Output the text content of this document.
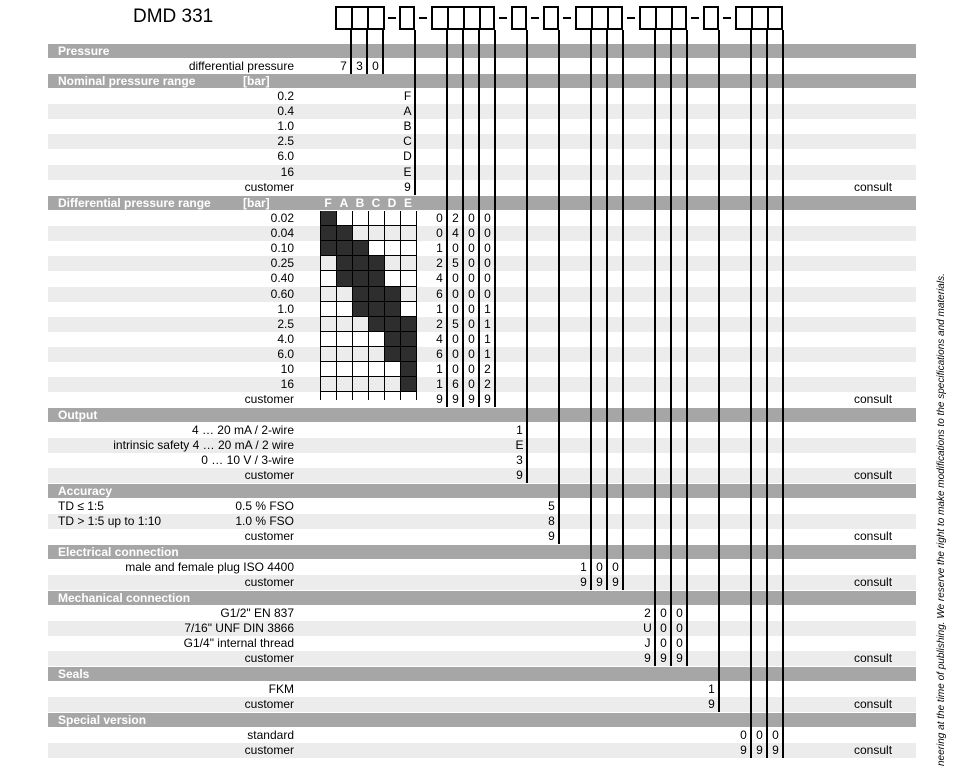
DMD 331
Pressure
differential pressure	7 3 0
Nominal pressure range	[bar]
0.2	F
0.4	A
1.0	B
2.5	C
6.0	D
16	E
customer	9	consult
Differential pressure range	[bar]	F A B C D E
0.02	0 2 0 0
0.04	0 4 0 0
0.10	1 0 0 0
0.25	2 5 0 0
0.40	4 0 0 0
0.60	6 0 0 0
1.0	1 0 0 1
2.5	2 5 0 1
4.0	4 0 0 1
6.0	6 0 0 1
10	1 0 0 2
16	1 6 0 2
customer	9 9 9 9	consult
Output
4 … 20 mA / 2-wire	1
intrinsic safety 4 … 20 mA / 2 wire	E
0 … 10 V / 3-wire	3
customer	9	consult
Accuracy
TD ≤ 1:5	0.5 % FSO	5
TD > 1:5 up to 1:10	1.0 % FSO	8
customer	9	consult
Electrical connection
male and female plug ISO 4400	1 0 0
customer	9 9 9	consult
Mechanical connection
G1/2" EN 837	2 0 0
7/16" UNF DIN 3866	U 0 0
G1/4" internal thread	J 0 0
customer	9 9 9	consult
Seals
FKM	1
customer	9	consult
Special version
standard	0 0 0
customer	9 9 9	consult	neering at the time of publishing. We reserve the right to make modifications to the specifications and materials.
